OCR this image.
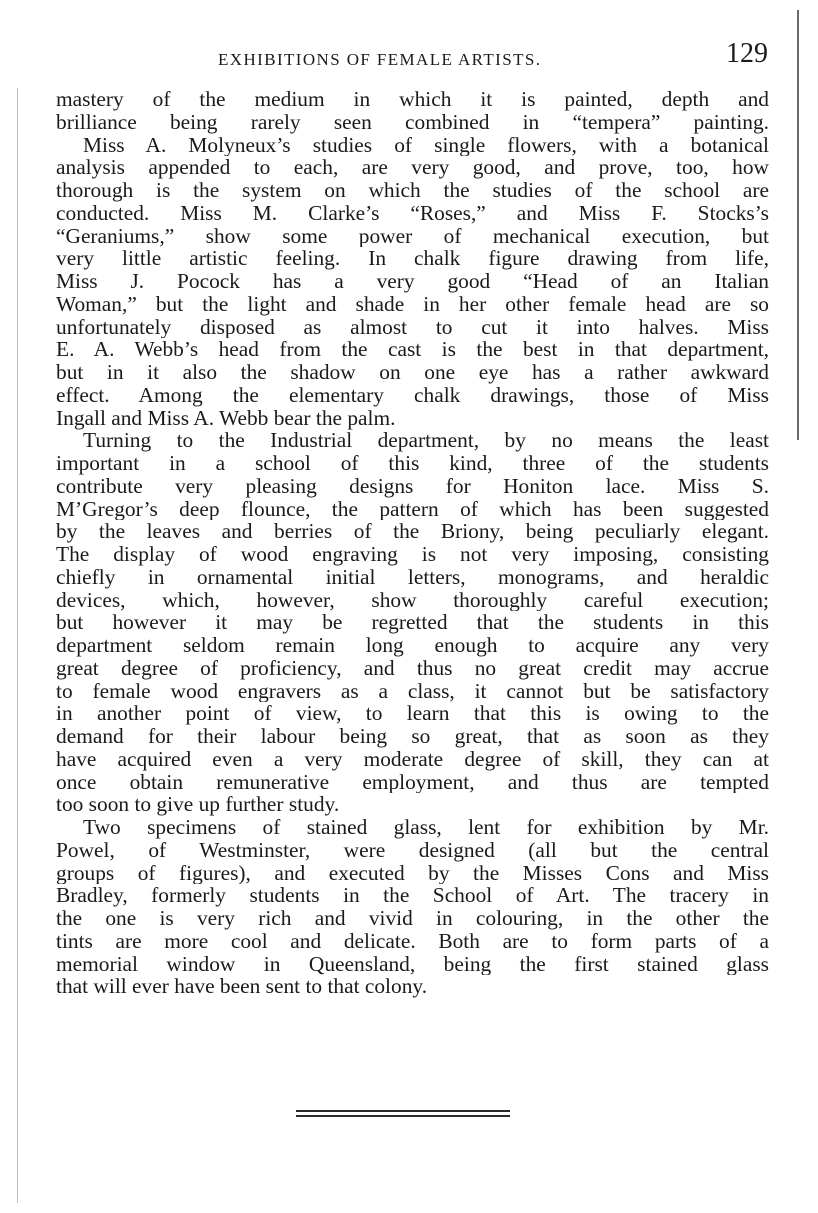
EXHIBITIONS OF FEMALE ARTISTS.	129
mastery of the medium in which it is painted, depth and
brilliance being rarely seen combined in “tempera” painting.
Miss A. Molyneux’s studies of single flowers, with a botanical
analysis appended to each, are very good, and prove, too, how
thorough is the system on which the studies of the school are
conducted. Miss M. Clarke’s “Roses,” and Miss F. Stocks’s
“Geraniums,” show some power of mechanical execution, but
very little artistic feeling. In chalk figure drawing from life,
Miss J. Pocock has a very good “Head of an Italian
Woman,” but the light and shade in her other female head are so
unfortunately disposed as almost to cut it into halves. Miss
E. A. Webb’s head from the cast is the best in that department,
but in it also the shadow on one eye has a rather awkward
effect. Among the elementary chalk drawings, those of Miss
Ingall and Miss A. Webb bear the palm.
Turning to the Industrial department, by no means the least
important in a school of this kind, three of the students
contribute very pleasing designs for Honiton lace. Miss S.
M’Gregor’s deep flounce, the pattern of which has been suggested
by the leaves and berries of the Briony, being peculiarly elegant.
The display of wood engraving is not very imposing, consisting
chiefly in ornamental initial letters, monograms, and heraldic
devices, which, however, show thoroughly careful execution;
but however it may be regretted that the students in this
department seldom remain long enough to acquire any very
great degree of proficiency, and thus no great credit may accrue
to female wood engravers as a class, it cannot but be satisfactory
in another point of view, to learn that this is owing to the
demand for their labour being so great, that as soon as they
have acquired even a very moderate degree of skill, they can at
once obtain remunerative employment, and thus are tempted
too soon to give up further study.
Two specimens of stained glass, lent for exhibition by Mr.
Powel, of Westminster, were designed (all but the central
groups of figures), and executed by the Misses Cons and Miss
Bradley, formerly students in the School of Art. The tracery in
the one is very rich and vivid in colouring, in the other the
tints are more cool and delicate. Both are to form parts of a
memorial window in Queensland, being the first stained glass
that will ever have been sent to that colony.
